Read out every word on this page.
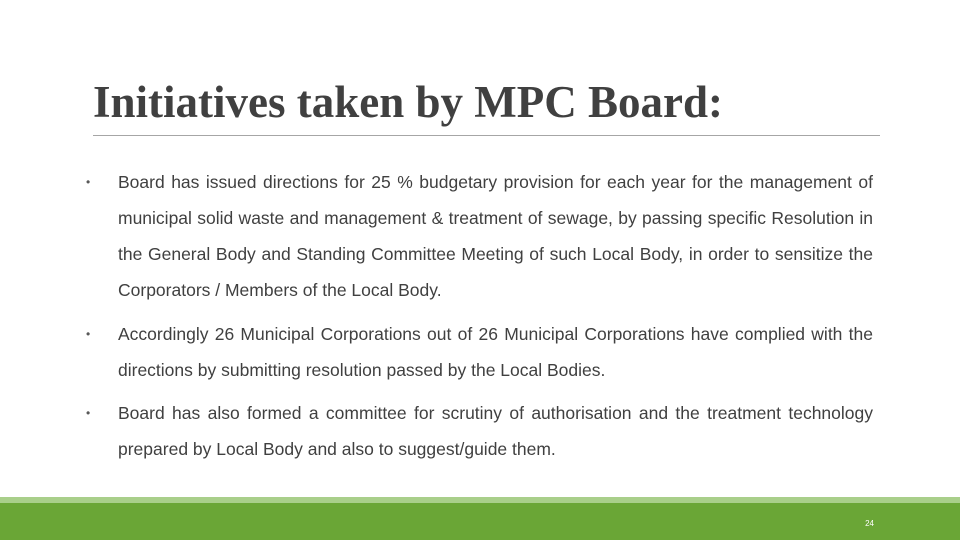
Initiatives taken by MPC Board:
• Board has issued directions for 25 % budgetary provision for each year for the management of municipal solid waste and management & treatment of sewage, by passing specific Resolution in the General Body and Standing Committee Meeting of such Local Body, in order to sensitize the Corporators / Members of the Local Body.
• Accordingly 26 Municipal Corporations out of 26 Municipal Corporations have complied with the directions by submitting resolution passed by the Local Bodies.
• Board has also formed a committee for scrutiny of authorisation and the treatment technology prepared by Local Body and also to suggest/guide them.
24
